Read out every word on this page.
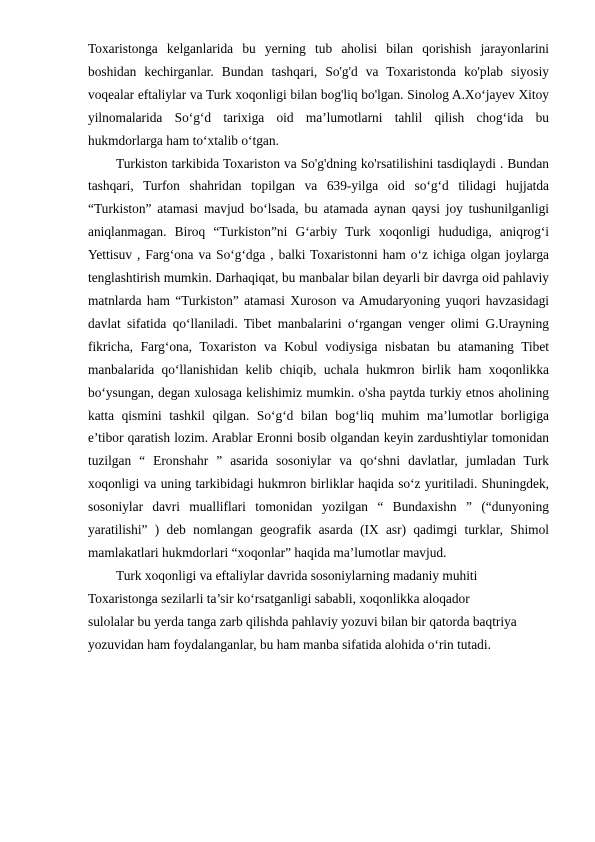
Toxaristonga kelganlarida bu yerning tub aholisi bilan qorishish jarayonlarini boshidan kechirganlar. Bundan tashqari, So'g'd va Toxaristonda ko'plab siyosiy voqealar eftaliylar va Turk xoqonligi bilan bog'liq bo'lgan. Sinolog A.Xo‘jayev Xitoy yilnomalarida So‘g‘d tarixiga oid ma’lumotlarni tahlil qilish chog‘ida bu hukmdorlarga ham to‘xtalib o‘tgan.

Turkiston tarkibida Toxariston va So'g'dning ko'rsatilishini tasdiqlaydi . Bundan tashqari, Turfon shahridan topilgan va 639-yilga oid so‘g‘d tilidagi hujjatda “Turkiston” atamasi mavjud bo‘lsada, bu atamada aynan qaysi joy tushunilganligi aniqlanmagan. Biroq “Turkiston”ni G‘arbiy Turk xoqonligi hududiga, aniqrog‘i Yettisuv , Farg‘ona va So‘g‘dga , balki Toxaristonni ham o‘z ichiga olgan joylarga tenglashtirish mumkin. Darhaqiqat, bu manbalar bilan deyarli bir davrga oid pahlaviy matnlarda ham “Turkiston” atamasi Xuroson va Amudaryoning yuqori havzasidagi davlat sifatida qo‘llaniladi. Tibet manbalarini o‘rgangan venger olimi G.Urayning fikricha, Farg‘ona, Toxariston va Kobul vodiysiga nisbatan bu atamaning Tibet manbalarida qo‘llanishidan kelib chiqib, uchala hukmron birlik ham xoqonlikka bo‘ysungan, degan xulosaga kelishimiz mumkin. o'sha paytda turkiy etnos aholining katta qismini tashkil qilgan. So‘g‘d bilan bog‘liq muhim ma’lumotlar borligiga e’tibor qaratish lozim. Arablar Eronni bosib olgandan keyin zardushtiylar tomonidan tuzilgan “ Eronshahr ” asarida sosoniylar va qo‘shni davlatlar, jumladan Turk xoqonligi va uning tarkibidagi hukmron birliklar haqida so‘z yuritiladi. Shuningdek, sosoniylar davri mualliflari tomonidan yozilgan “ Bundaxishn ” (“dunyoning yaratilishi” ) deb nomlangan geografik asarda (IX asr) qadimgi turklar, Shimol mamlakatlari hukmdorlari “xoqonlar” haqida ma’lumotlar mavjud.

Turk xoqonligi va eftaliylar davrida sosoniylarning madaniy muhiti
Toxaristonga sezilarli ta’sir ko‘rsatganligi sababli, xoqonlikka aloqador
sulolalar bu yerda tanga zarb qilishda pahlaviy yozuvi bilan bir qatorda baqtriya
yozuvidan ham foydalanganlar, bu ham manba sifatida alohida o‘rin tutadi.
